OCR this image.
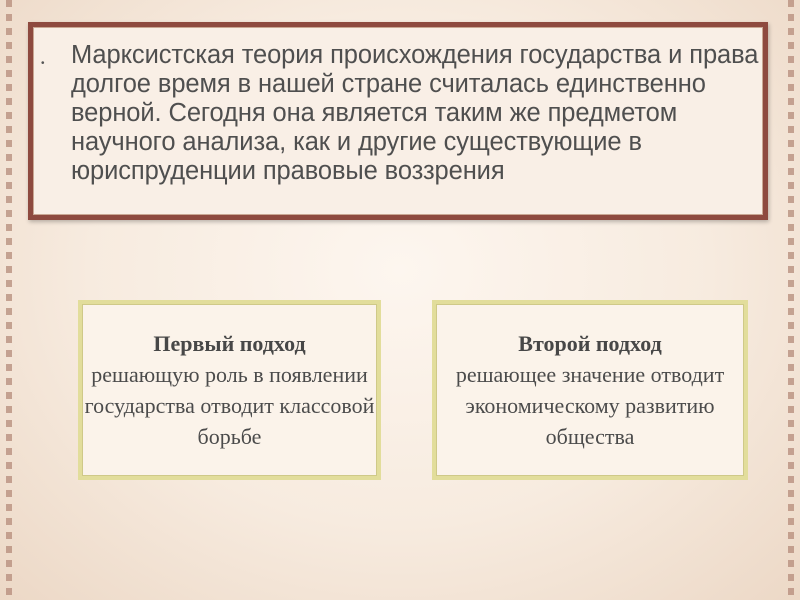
• Марксистская теория происхождения государства и права долгое время в нашей стране считалась единственно верной. Сегодня она является таким же предметом научного анализа, как и другие существующие в юриспруденции правовые воззрения

Первый подход
решающую роль в появлении государства отводит классовой борьбе
Второй подход
решающее значение отводит экономическому развитию общества
